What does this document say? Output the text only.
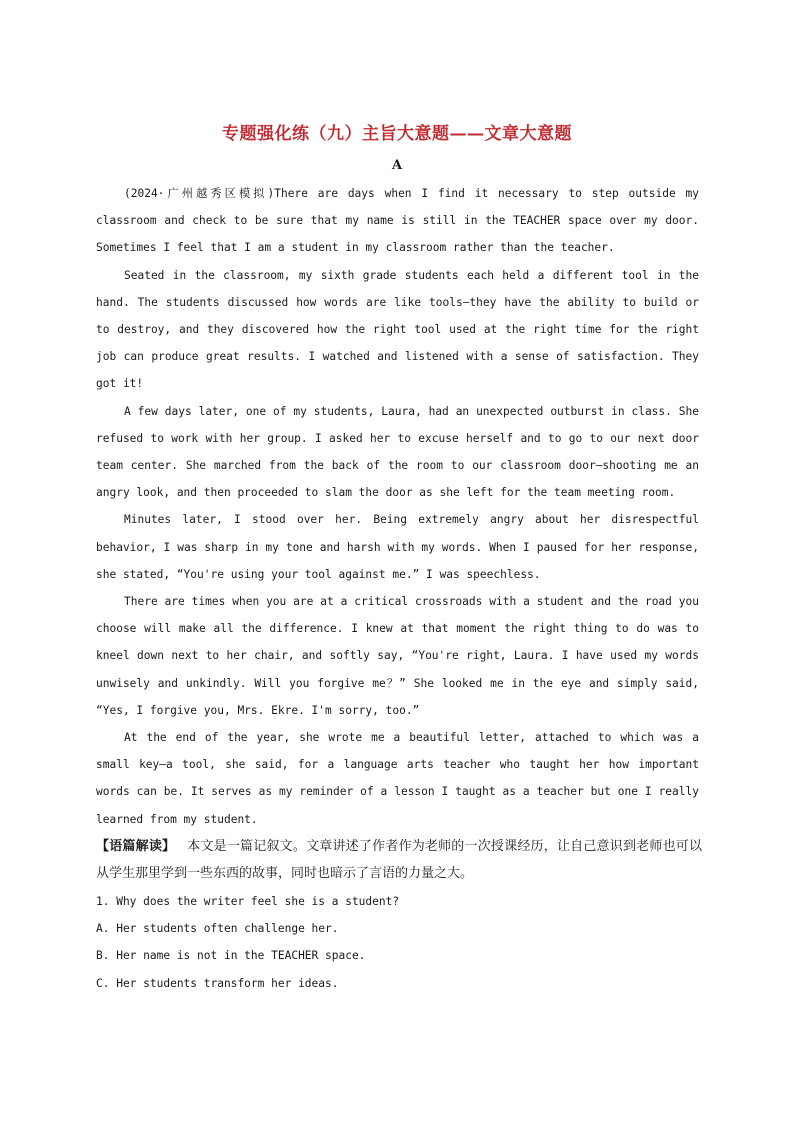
专题强化练（九）主旨大意题——文章大意题
A

(2024·广州越秀区模拟)There are days when I find it necessary to step outside my classroom and check to be sure that my name is still in the TEACHER space over my door. Sometimes I feel that I am a student in my classroom rather than the teacher.

Seated in the classroom, my sixth grade students each held a different tool in the hand. The students discussed how words are like tools—they have the ability to build or to destroy, and they discovered how the right tool used at the right time for the right job can produce great results. I watched and listened with a sense of satisfaction. They got it!

A few days later, one of my students, Laura, had an unexpected outburst in class. She refused to work with her group. I asked her to excuse herself and to go to our next door team center. She marched from the back of the room to our classroom door—shooting me an angry look, and then proceeded to slam the door as she left for the team meeting room.

Minutes later, I stood over her. Being extremely angry about her disrespectful behavior, I was sharp in my tone and harsh with my words. When I paused for her response, she stated, “You're using your tool against me.” I was speechless.

There are times when you are at a critical crossroads with a student and the road you choose will make all the difference. I knew at that moment the right thing to do was to kneel down next to her chair, and softly say, “You're right, Laura. I have used my words unwisely and unkindly. Will you forgive me？” She looked me in the eye and simply said, “Yes, I forgive you, Mrs. Ekre. I'm sorry, too.”

At the end of the year, she wrote me a beautiful letter, attached to which was a small key—a tool, she said, for a language arts teacher who taught her how important words can be. It serves as my reminder of a lesson I taught as a teacher but one I really learned from my student.

【语篇解读】 本文是一篇记叙文。文章讲述了作者作为老师的一次授课经历，让自己意识到老师也可以从学生那里学到一些东西的故事，同时也暗示了言语的力量之大。
1. Why does the writer feel she is a student?
A. Her students often challenge her.
B. Her name is not in the TEACHER space.
C. Her students transform her ideas.
